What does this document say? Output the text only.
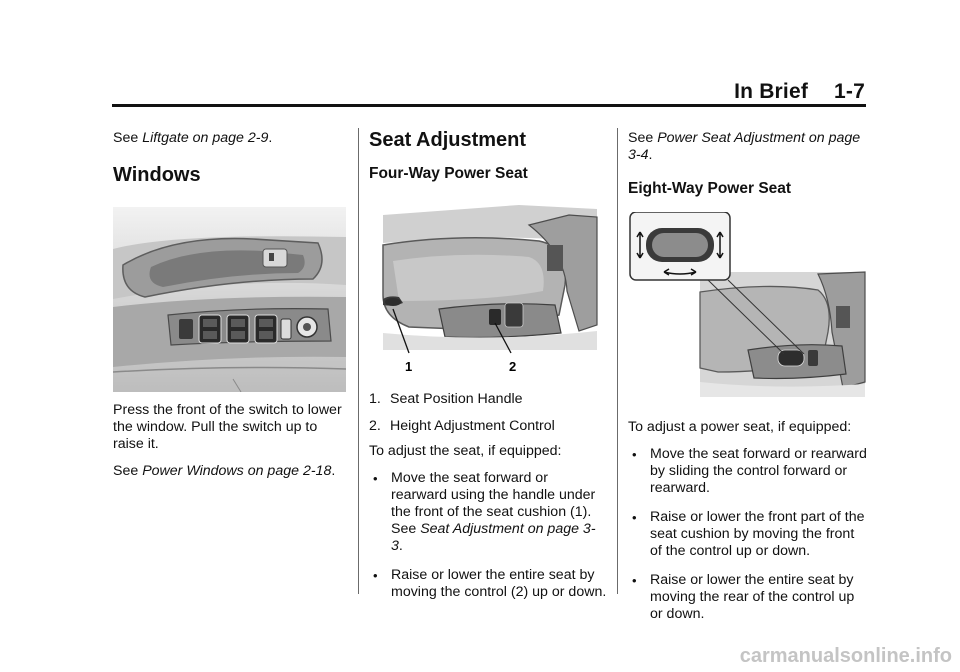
In Brief 1-7

See Liftgate on page 2-9.

Windows

Press the front of the switch to lower the window. Pull the switch up to raise it.

See Power Windows on page 2-18.

Seat Adjustment
Four-Way Power Seat
1	2
1. Seat Position Handle
2. Height Adjustment Control

To adjust the seat, if equipped:

• Move the seat forward or rearward using the handle under the front of the seat cushion (1). See Seat Adjustment on page 3-3.
• Raise or lower the entire seat by moving the control (2) up or down.

See Power Seat Adjustment on page 3-4.

Eight-Way Power Seat

To adjust a power seat, if equipped:

• Move the seat forward or rearward by sliding the control forward or rearward.
• Raise or lower the front part of the seat cushion by moving the front of the control up or down.
• Raise or lower the entire seat by moving the rear of the control up or down.
carmanualsonline.info
